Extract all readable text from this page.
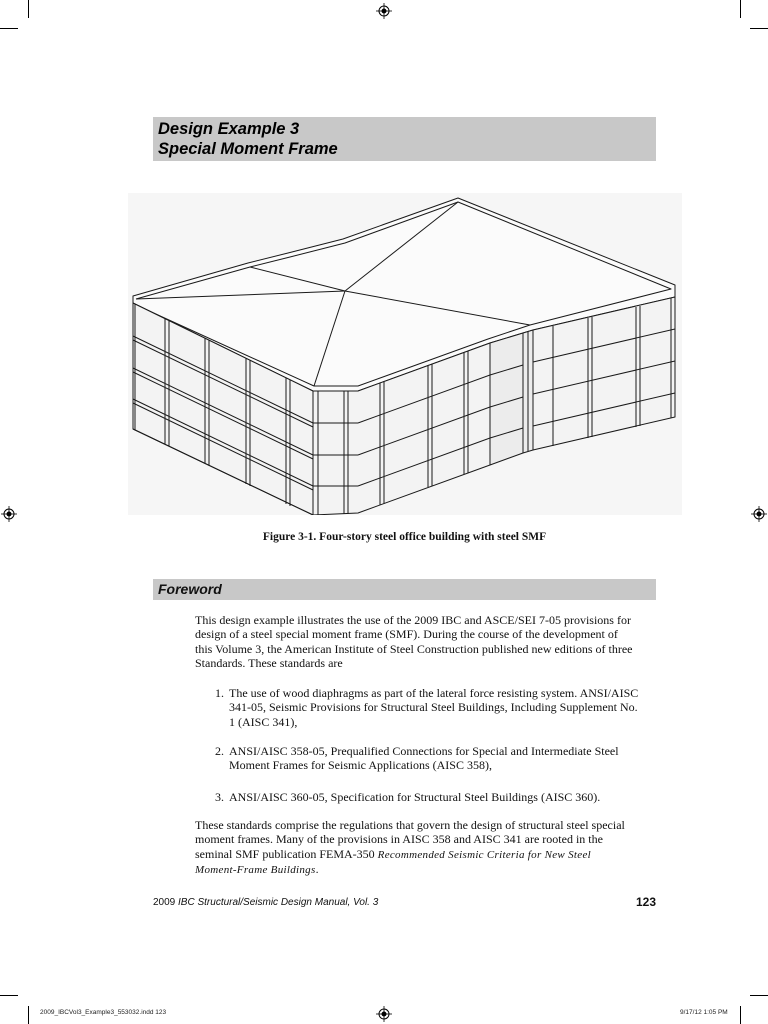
Design Example 3
Special Moment Frame
Figure 3-1. Four-story steel office building with steel SMF
Foreword
This design example illustrates the use of the 2009 IBC and ASCE/SEI 7-05 provisions for design of a steel special moment frame (SMF). During the course of the development of this Volume 3, the American Institute of Steel Construction published new editions of three Standards. These standards are
1. The use of wood diaphragms as part of the lateral force resisting system. ANSI/AISC 341-05, Seismic Provisions for Structural Steel Buildings, Including Supplement No. 1 (AISC 341),
2. ANSI/AISC 358-05, Prequalified Connections for Special and Intermediate Steel Moment Frames for Seismic Applications (AISC 358),
3. ANSI/AISC 360-05, Specification for Structural Steel Buildings (AISC 360).
These standards comprise the regulations that govern the design of structural steel special moment frames. Many of the provisions in AISC 358 and AISC 341 are rooted in the seminal SMF publication FEMA-350 Recommended Seismic Criteria for New Steel Moment-Frame Buildings.
2009 IBC Structural/Seismic Design Manual, Vol. 3	123
2009_IBCVol3_Example3_553032.indd 123	9/17/12 1:05 PM
